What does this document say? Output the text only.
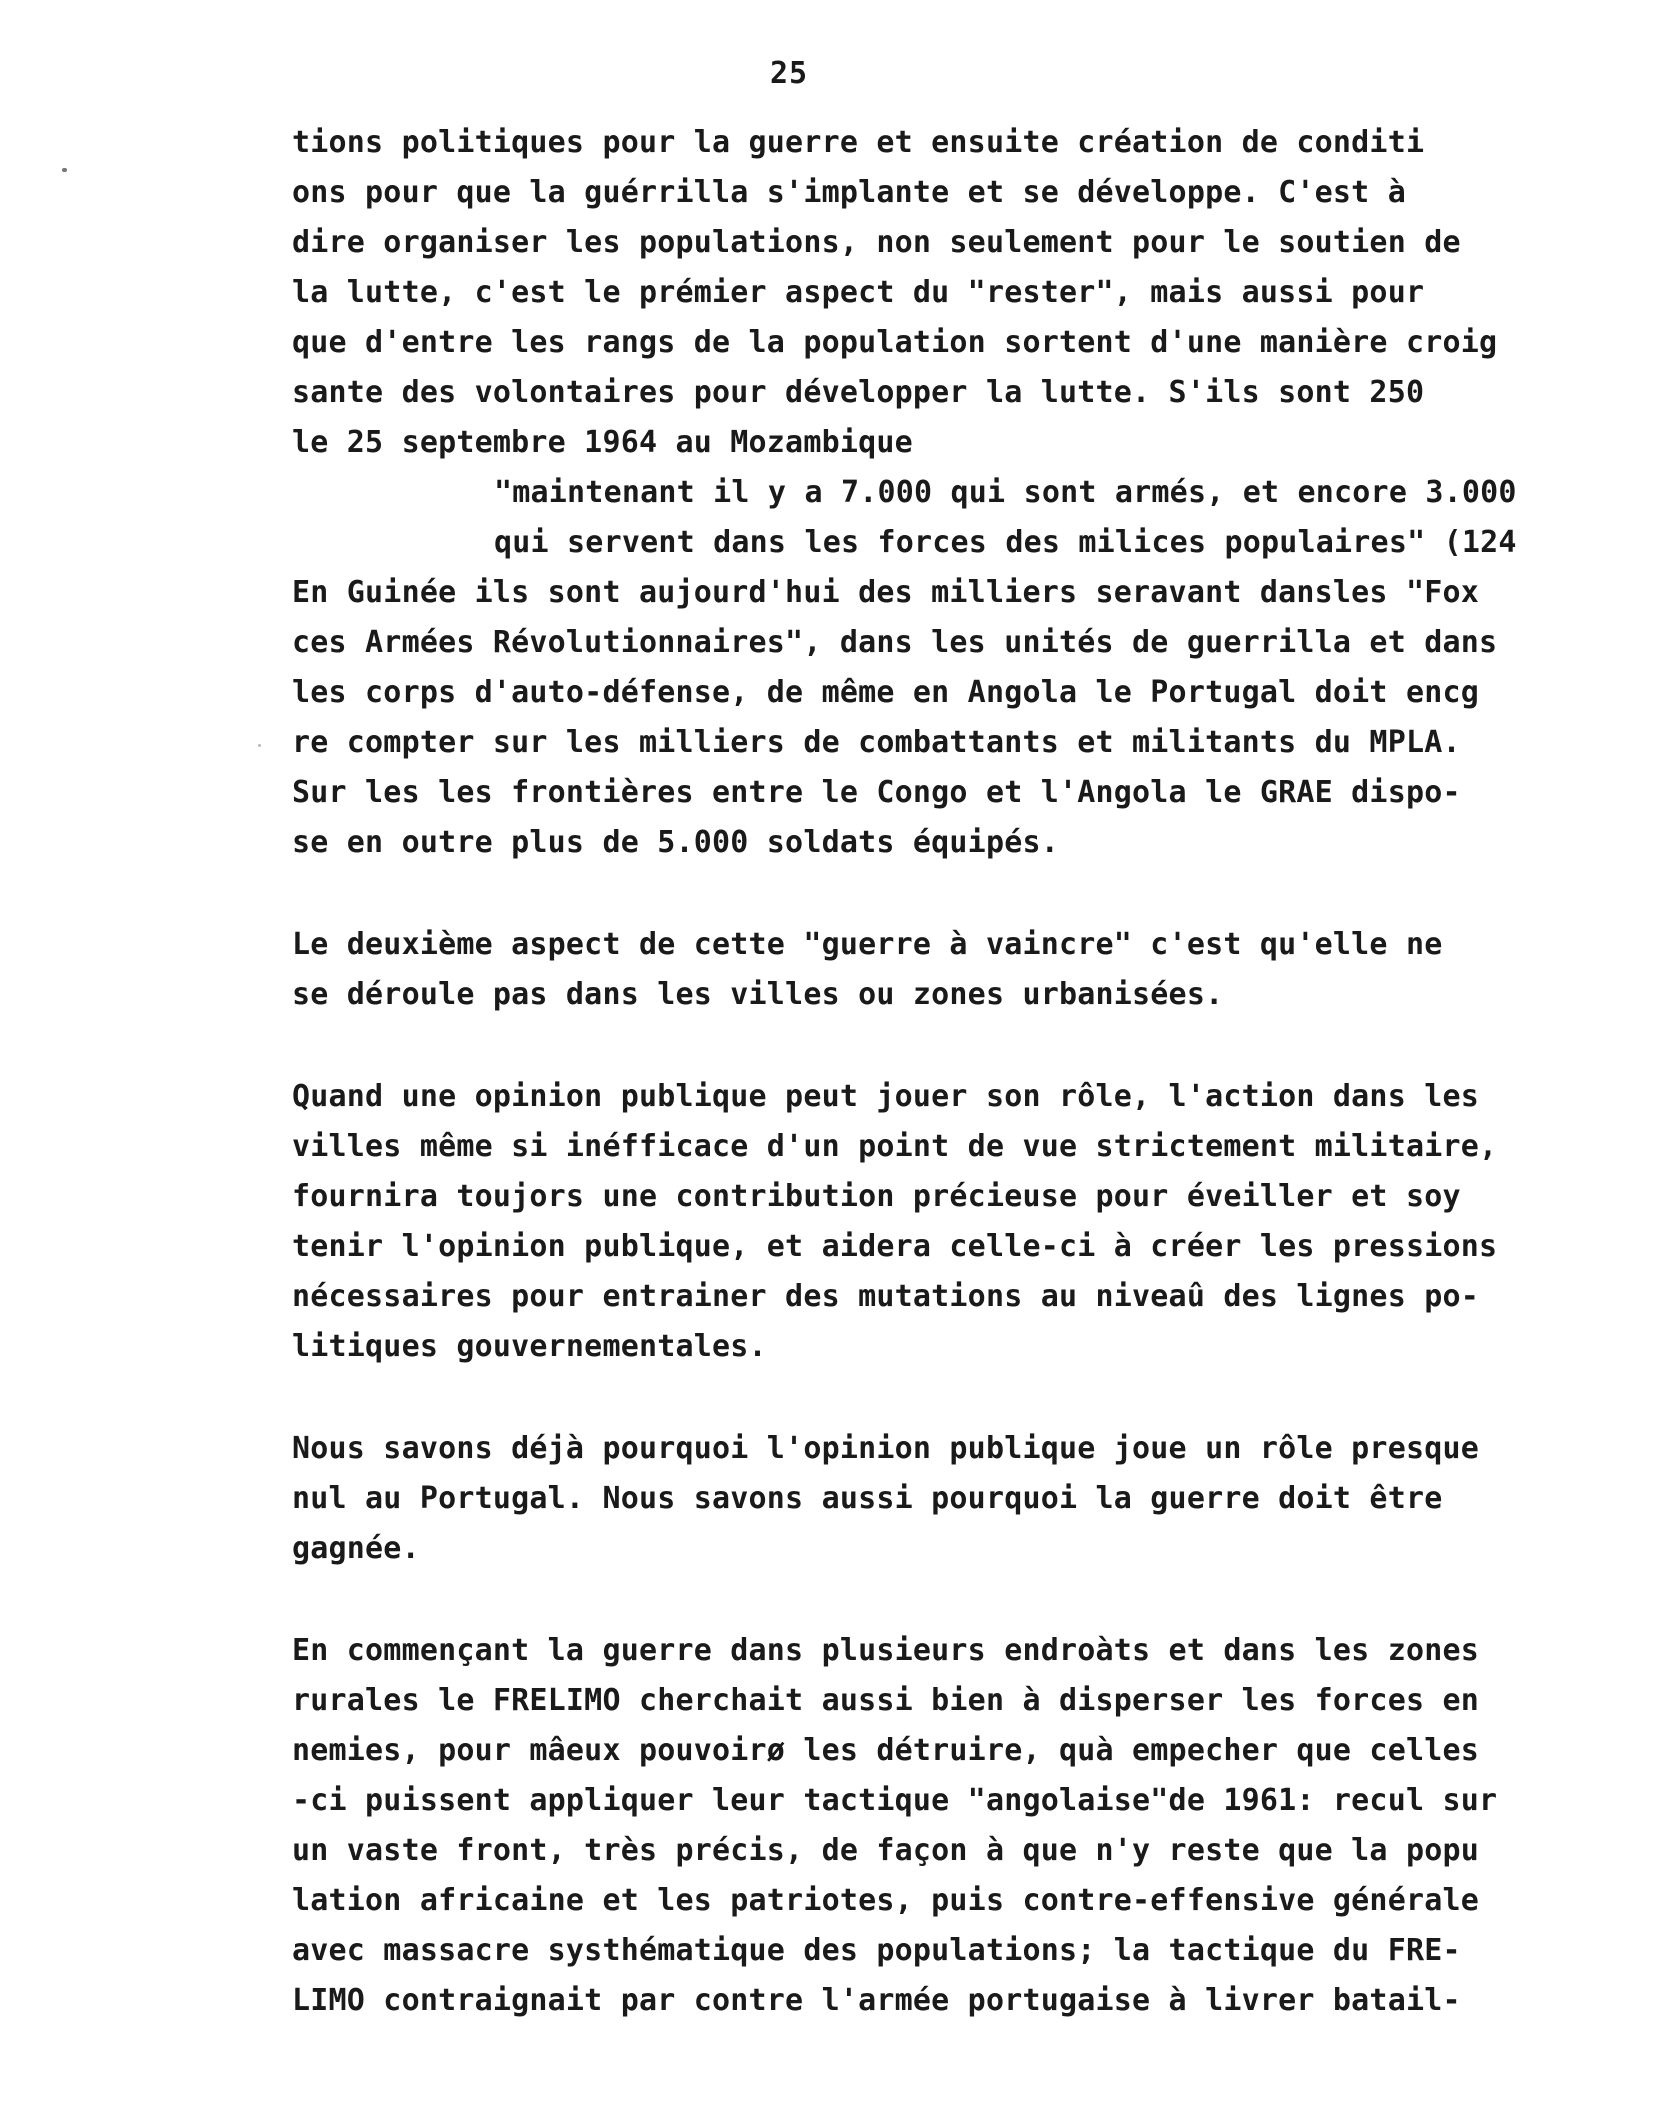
25
tions politiques pour la guerre et ensuite création de conditi
ons pour que la guérrilla s'implante et se développe. C'est à
dire organiser les populations, non seulement pour le soutien de
la lutte, c'est le prémier aspect du "rester", mais aussi pour
que d'entre les rangs de la population sortent d'une manière croig
sante des volontaires pour développer la lutte. S'ils sont 250
le 25 septembre 1964 au Mozambique
"maintenant il y a 7.000 qui sont armés, et encore 3.000
qui servent dans les forces des milices populaires" (124
En Guinée ils sont aujourd'hui des milliers seravant dansles "Fox
ces Armées Révolutionnaires", dans les unités de guerrilla et dans
les corps d'auto-défense, de même en Angola le Portugal doit encg
re compter sur les milliers de combattants et militants du MPLA.
Sur les les frontières entre le Congo et l'Angola le GRAE dispo-
se en outre plus de 5.000 soldats équipés.
Le deuxième aspect de cette "guerre à vaincre" c'est qu'elle ne
se déroule pas dans les villes ou zones urbanisées.
Quand une opinion publique peut jouer son rôle, l'action dans les
villes même si inéfficace d'un point de vue strictement militaire,
fournira toujors une contribution précieuse pour éveiller et soy
tenir l'opinion publique, et aidera celle-ci à créer les pressions
nécessaires pour entrainer des mutations au niveaû des lignes po-
litiques gouvernementales.
Nous savons déjà pourquoi l'opinion publique joue un rôle presque
nul au Portugal. Nous savons aussi pourquoi la guerre doit être
gagnée.
En commençant la guerre dans plusieurs endroàts et dans les zones
rurales le FRELIMO cherchait aussi bien à disperser les forces en
nemies, pour mâeux pouvoirø les détruire, quà empecher que celles
-ci puissent appliquer leur tactique "angolaise"de 1961: recul sur
un vaste front, très précis, de façon à que n'y reste que la popu
lation africaine et les patriotes, puis contre-effensive générale
avec massacre systhématique des populations; la tactique du FRE-
LIMO contraignait par contre l'armée portugaise à livrer batail-
